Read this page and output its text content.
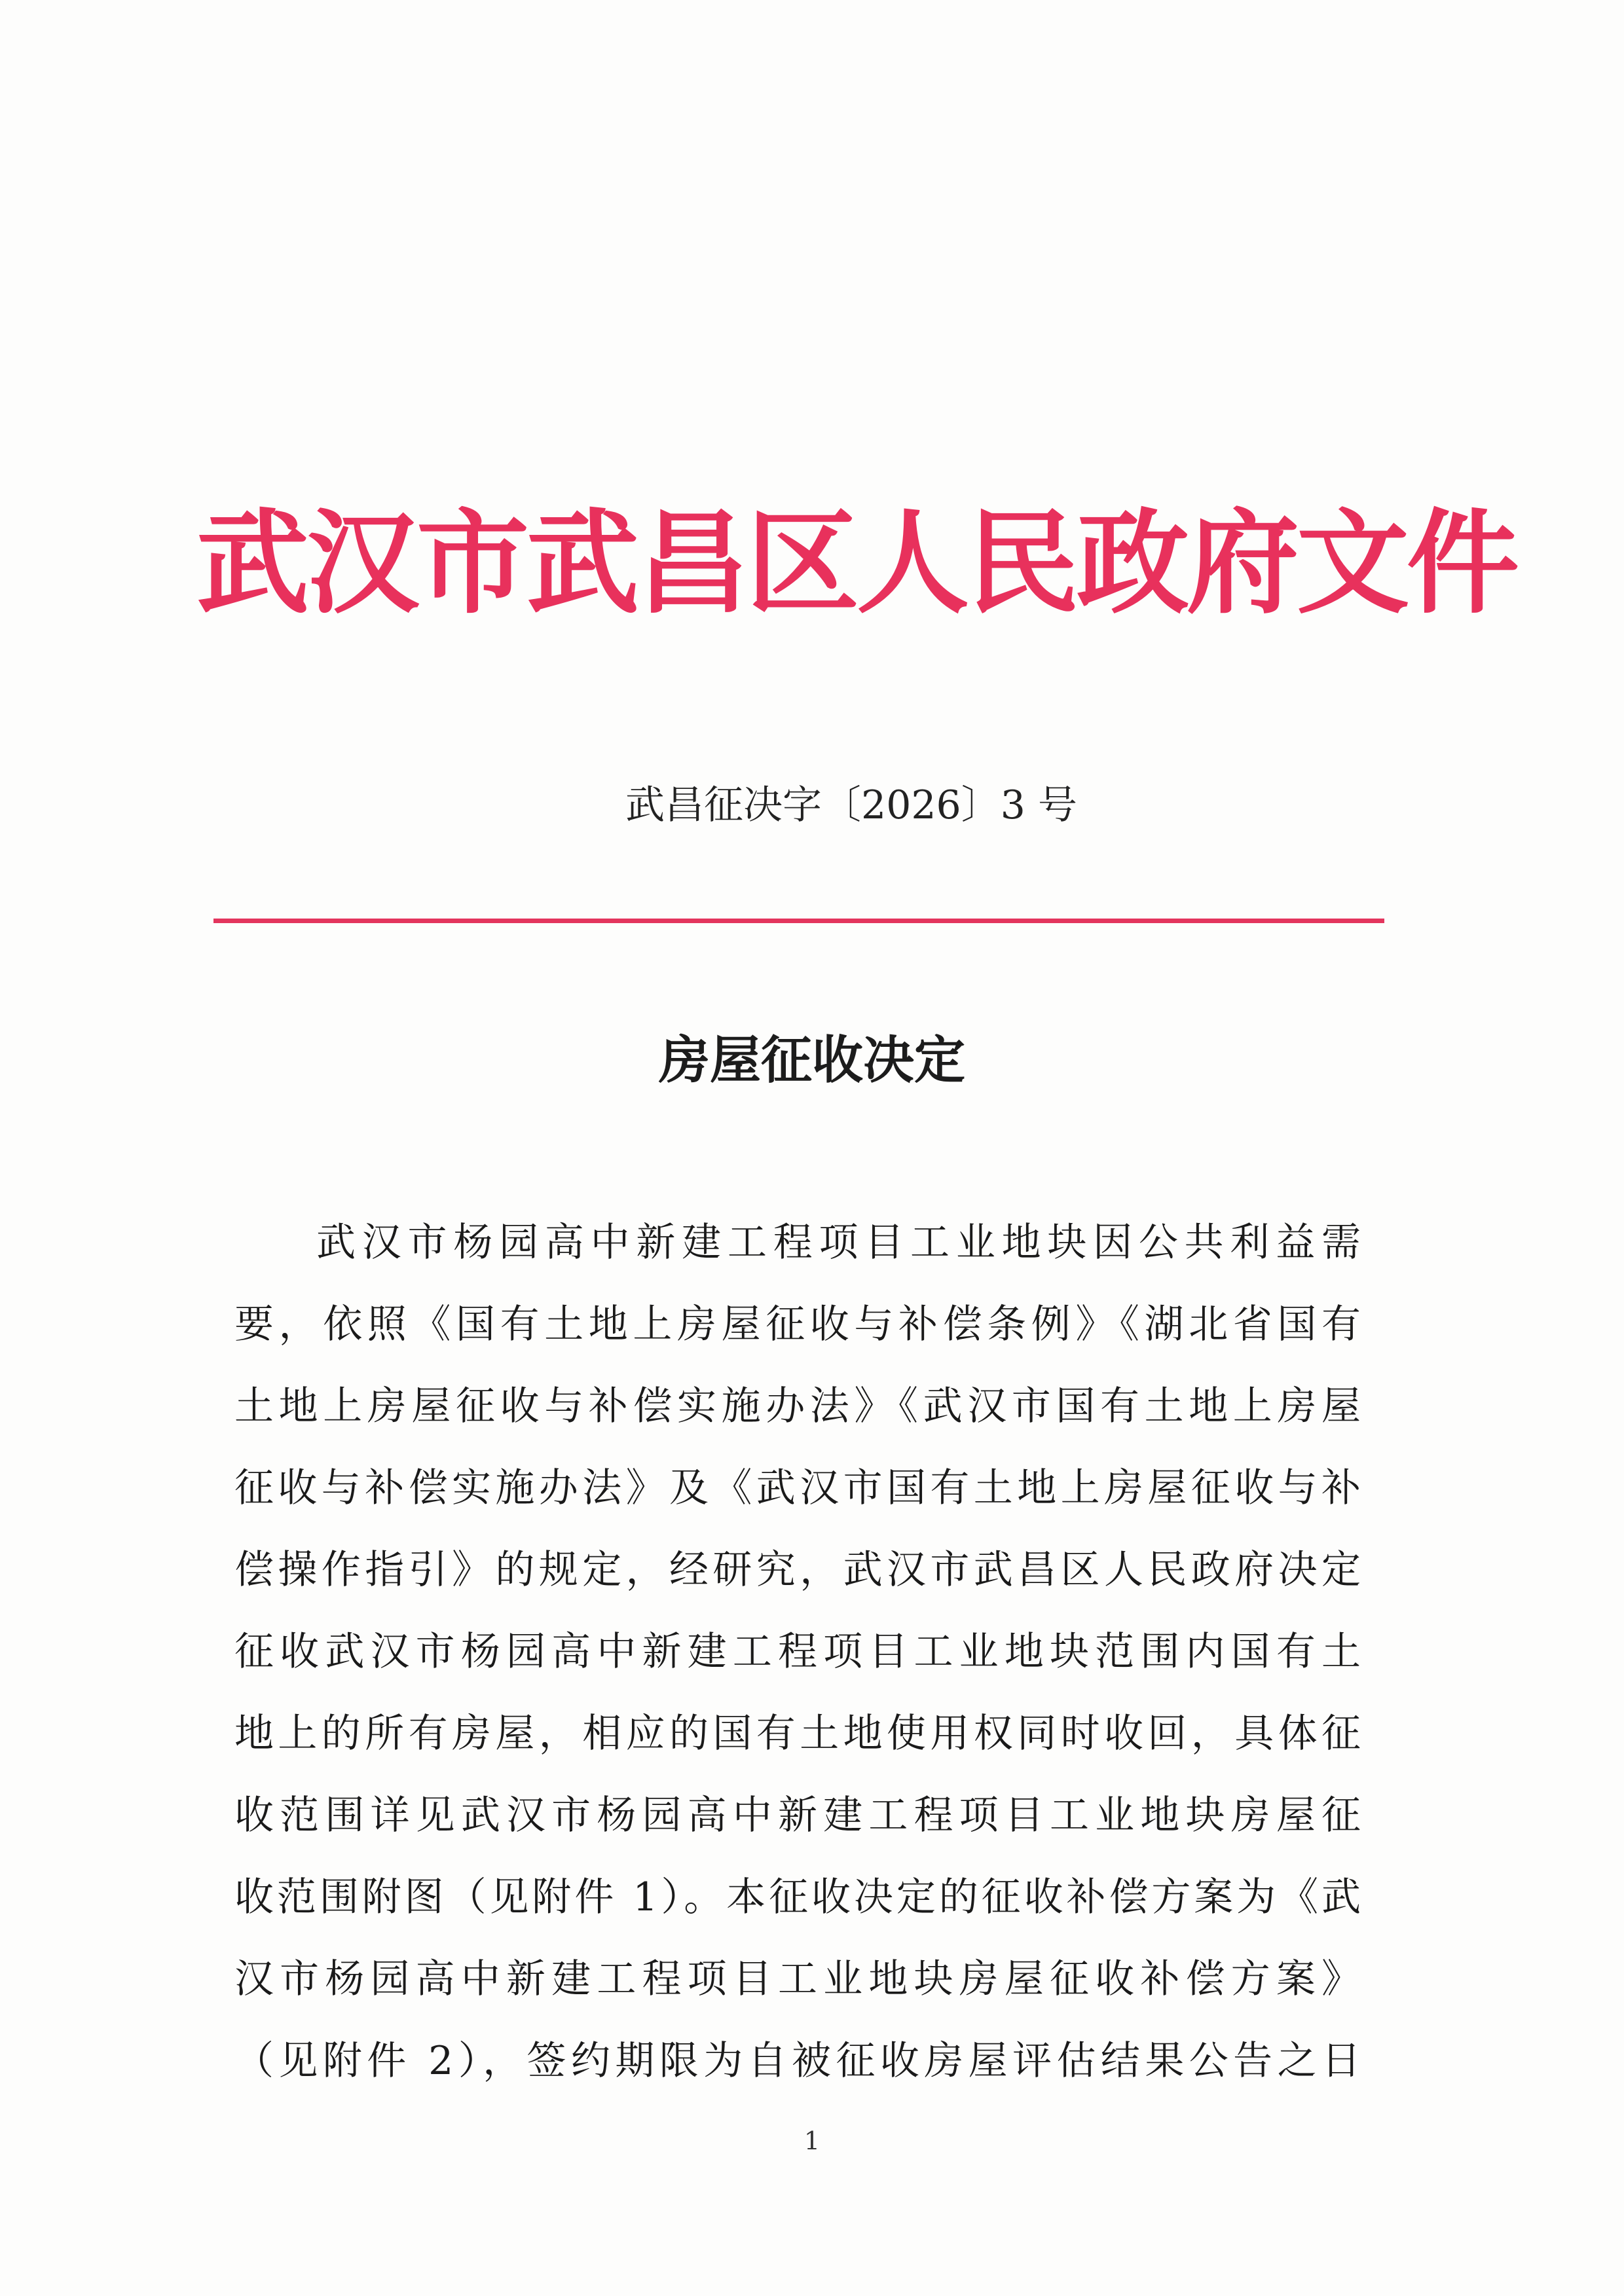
武汉市武昌区人民政府文件
武昌征决字〔2026〕3 号
房屋征收决定
武汉市杨园高中新建工程项目工业地块因公共利益需
要，依照《国有土地上房屋征收与补偿条例》《湖北省国有
土地上房屋征收与补偿实施办法》《武汉市国有土地上房屋
征收与补偿实施办法》及《武汉市国有土地上房屋征收与补
偿操作指引》的规定，经研究，武汉市武昌区人民政府决定
征收武汉市杨园高中新建工程项目工业地块范围内国有土
地上的所有房屋，相应的国有土地使用权同时收回，具体征
收范围详见武汉市杨园高中新建工程项目工业地块房屋征
收范围附图（见附件 1）。本征收决定的征收补偿方案为《武
汉市杨园高中新建工程项目工业地块房屋征收补偿方案》
（见附件 2），签约期限为自被征收房屋评估结果公告之日
1
